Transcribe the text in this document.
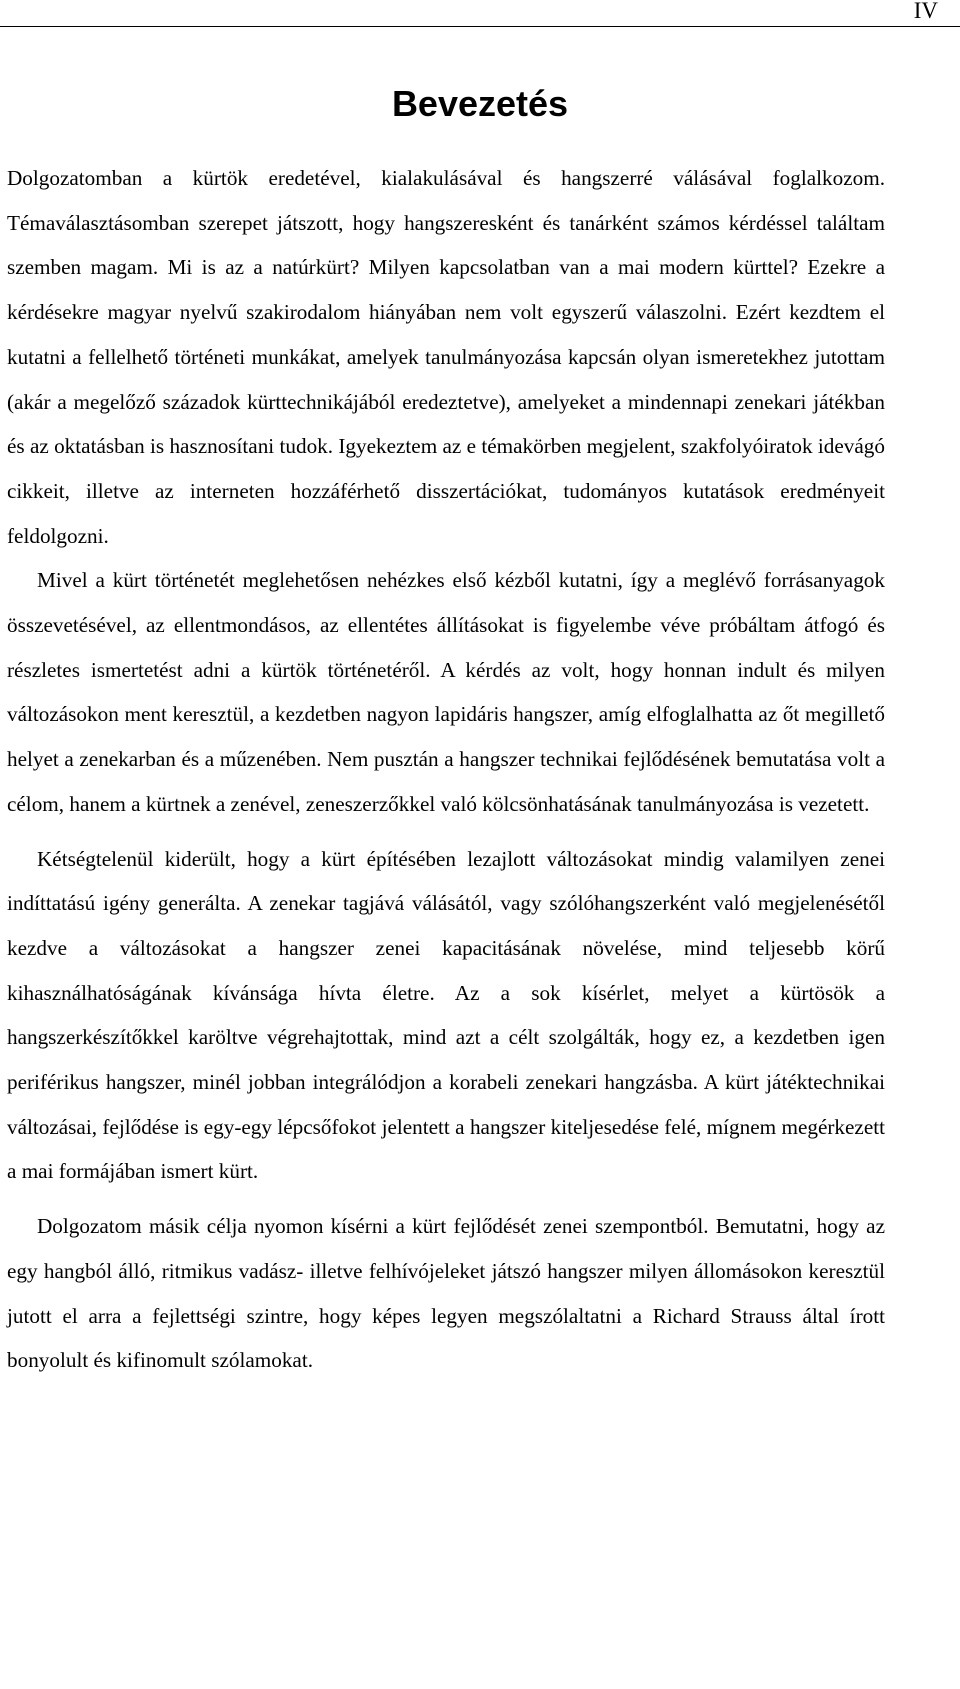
IV
Bevezetés

Dolgozatomban a kürtök eredetével, kialakulásával és hangszerré válásával foglalkozom. Témaválasztásomban szerepet játszott, hogy hangszeresként és tanárként számos kérdéssel találtam szemben magam. Mi is az a natúrkürt? Milyen kapcsolatban van a mai modern kürttel? Ezekre a kérdésekre magyar nyelvű szakirodalom hiányában nem volt egyszerű válaszolni. Ezért kezdtem el kutatni a fellelhető történeti munkákat, amelyek tanulmányozása kapcsán olyan ismeretekhez jutottam (akár a megelőző századok kürttechnikájából eredeztetve), amelyeket a mindennapi zenekari játékban és az oktatásban is hasznosítani tudok. Igyekeztem az e témakörben megjelent, szakfolyóiratok idevágó cikkeit, illetve az interneten hozzáférhető disszertációkat, tudományos kutatások eredményeit feldolgozni.

Mivel a kürt történetét meglehetősen nehézkes első kézből kutatni, így a meglévő forrásanyagok összevetésével, az ellentmondásos, az ellentétes állításokat is figyelembe véve próbáltam átfogó és részletes ismertetést adni a kürtök történetéről. A kérdés az volt, hogy honnan indult és milyen változásokon ment keresztül, a kezdetben nagyon lapidáris hangszer, amíg elfoglalhatta az őt megillető helyet a zenekarban és a műzenében. Nem pusztán a hangszer technikai fejlődésének bemutatása volt a célom, hanem a kürtnek a zenével, zeneszerzőkkel való kölcsönhatásának tanulmányozása is vezetett.

Kétségtelenül kiderült, hogy a kürt építésében lezajlott változásokat mindig valamilyen zenei indíttatású igény generálta. A zenekar tagjává válásától, vagy szólóhangszerként való megjelenésétől kezdve a változásokat a hangszer zenei kapacitásának növelése, mind teljesebb körű kihasználhatóságának kívánsága hívta életre. Az a sok kísérlet, melyet a kürtösök a hangszerkészítőkkel karöltve végrehajtottak, mind azt a célt szolgálták, hogy ez, a kezdetben igen periférikus hangszer, minél jobban integrálódjon a korabeli zenekari hangzásba. A kürt játéktechnikai változásai, fejlődése is egy-egy lépcsőfokot jelentett a hangszer kiteljesedése felé, mígnem megérkezett a mai formájában ismert kürt.

Dolgozatom másik célja nyomon kísérni a kürt fejlődését zenei szempontból. Bemutatni, hogy az egy hangból álló, ritmikus vadász- illetve felhívójeleket játszó hangszer milyen állomásokon keresztül jutott el arra a fejlettségi szintre, hogy képes legyen megszólaltatni a Richard Strauss által írott bonyolult és kifinomult szólamokat.
